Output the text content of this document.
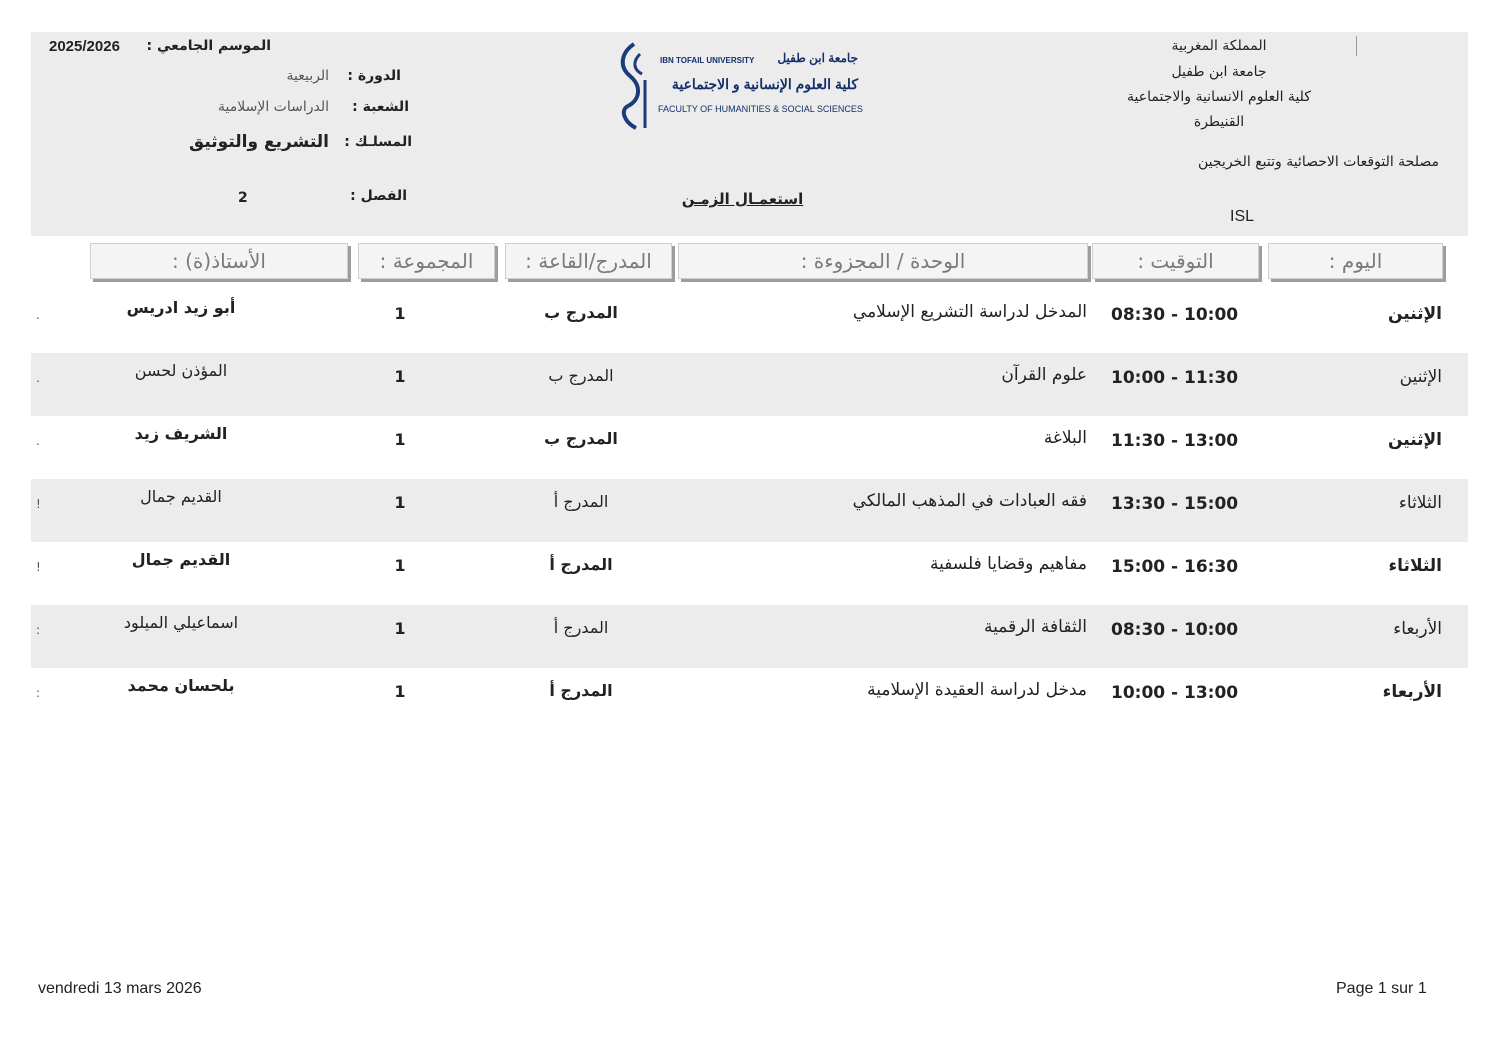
المملكة المغربية
جامعة ابن طفيل
كلية العلوم الانسانية والاجتماعية
القنيطرة
مصلحة التوقعات الاحصائية وتتبع الخريجين
ISL
IBN TOFAIL UNIVERSITY جامعة ابن طفيل
كلية العلوم الإنسانية و الاجتماعية
FACULTY OF HUMANITIES & SOCIAL SCIENCES
الموسم الجامعي :
2025/2026
الدورة :
الربيعية
الشعبة :
الدراسات الإسلامية
المسلـك :
التشريع والتوثيق
الفصل :
2	استعمـال الزمـن
اليوم :
التوقيت :
الوحدة / المجزوءة :
المدرج/القاعة :
المجموعة :
الأستاذ(ة) :
الإثنين
08:30 - 10:00
المدخل لدراسة التشريع الإسلامي
المدرج ب
1
أبو زيد ادريس
.
الإثنين
10:00 - 11:30
علوم القرآن
المدرج ب
1
المؤذن لحسن
.
الإثنين
11:30 - 13:00
البلاغة
المدرج ب
1
الشريف زيد
.
الثلاثاء
13:30 - 15:00
فقه العبادات في المذهب المالكي
المدرج أ
1
القديم جمال
!
الثلاثاء
15:00 - 16:30
مفاهيم وقضايا فلسفية
المدرج أ
1
القديم جمال
!
الأربعاء
08:30 - 10:00
الثقافة الرقمية
المدرج أ
1
اسماعيلي الميلود
:
الأربعاء
10:00 - 13:00
مدخل لدراسة العقيدة الإسلامية
المدرج أ
1
بلحسان محمد
:
vendredi 13 mars 2026	Page 1 sur 1
